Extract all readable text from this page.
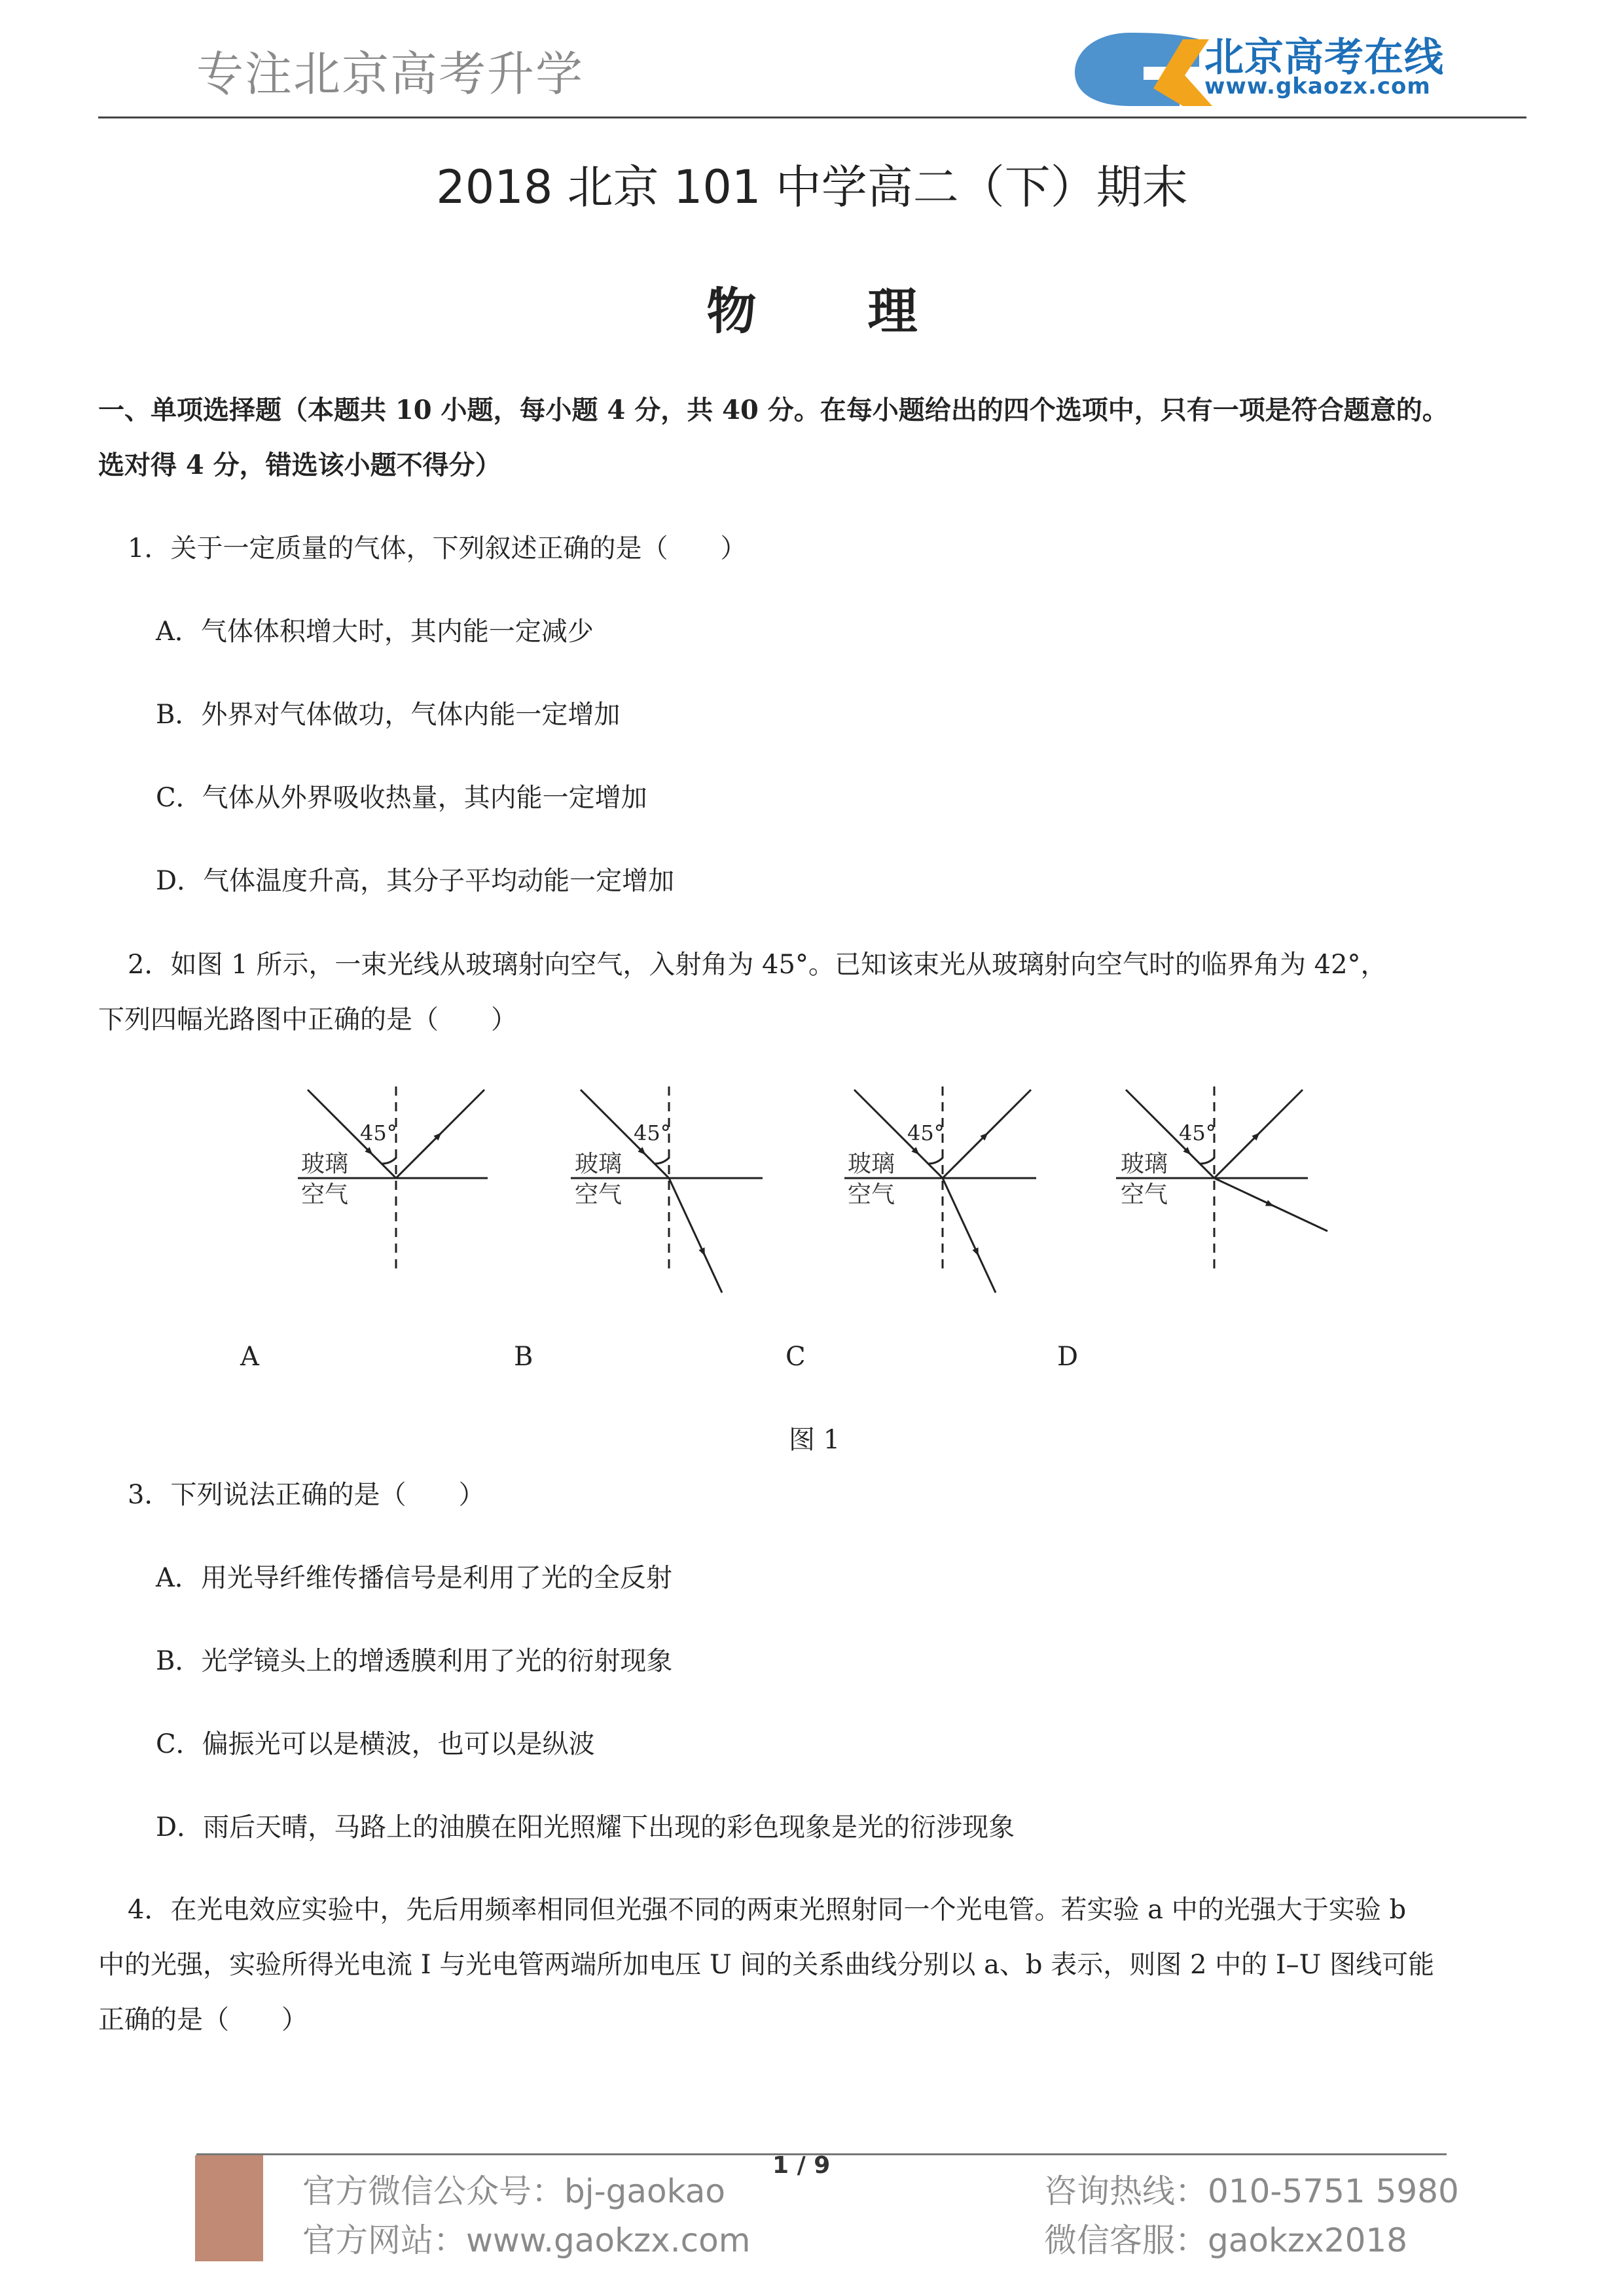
专注北京高考升学	北京高考在线
www.gkaozx.com
2018 北京 101 中学高二（下）期末
物 理
一、单项选择题（本题共 10 小题，每小题 4 分，共 40 分。在每小题给出的四个选项中，只有一项是符合题意的。
选对得 4 分，错选该小题不得分）
1．关于一定质量的气体，下列叙述正确的是（　　）
A．气体体积增大时，其内能一定减少
B．外界对气体做功，气体内能一定增加
C．气体从外界吸收热量，其内能一定增加
D．气体温度升高，其分子平均动能一定增加
2．如图 1 所示，一束光线从玻璃射向空气，入射角为 45°。已知该束光从玻璃射向空气时的临界角为 42°，
下列四幅光路图中正确的是（　　）
45°	45°	45°	45°
玻璃
空气
玻璃
空气
玻璃
空气
玻璃
空气
A	B	C	D
图 1
3．下列说法正确的是（　　）
A．用光导纤维传播信号是利用了光的全反射
B．光学镜头上的增透膜利用了光的衍射现象
C．偏振光可以是横波，也可以是纵波
D．雨后天晴，马路上的油膜在阳光照耀下出现的彩色现象是光的衍涉现象
4．在光电效应实验中，先后用频率相同但光强不同的两束光照射同一个光电管。若实验 a 中的光强大于实验 b
中的光强，实验所得光电流 I 与光电管两端所加电压 U 间的关系曲线分别以 a、b 表示，则图 2 中的 I–U 图线可能
正确的是（　　）
1 / 9
官方微信公众号：bj-gaokao
官方网站：www.gaokzx.com
咨询热线：010-5751 5980
微信客服：gaokzx2018
